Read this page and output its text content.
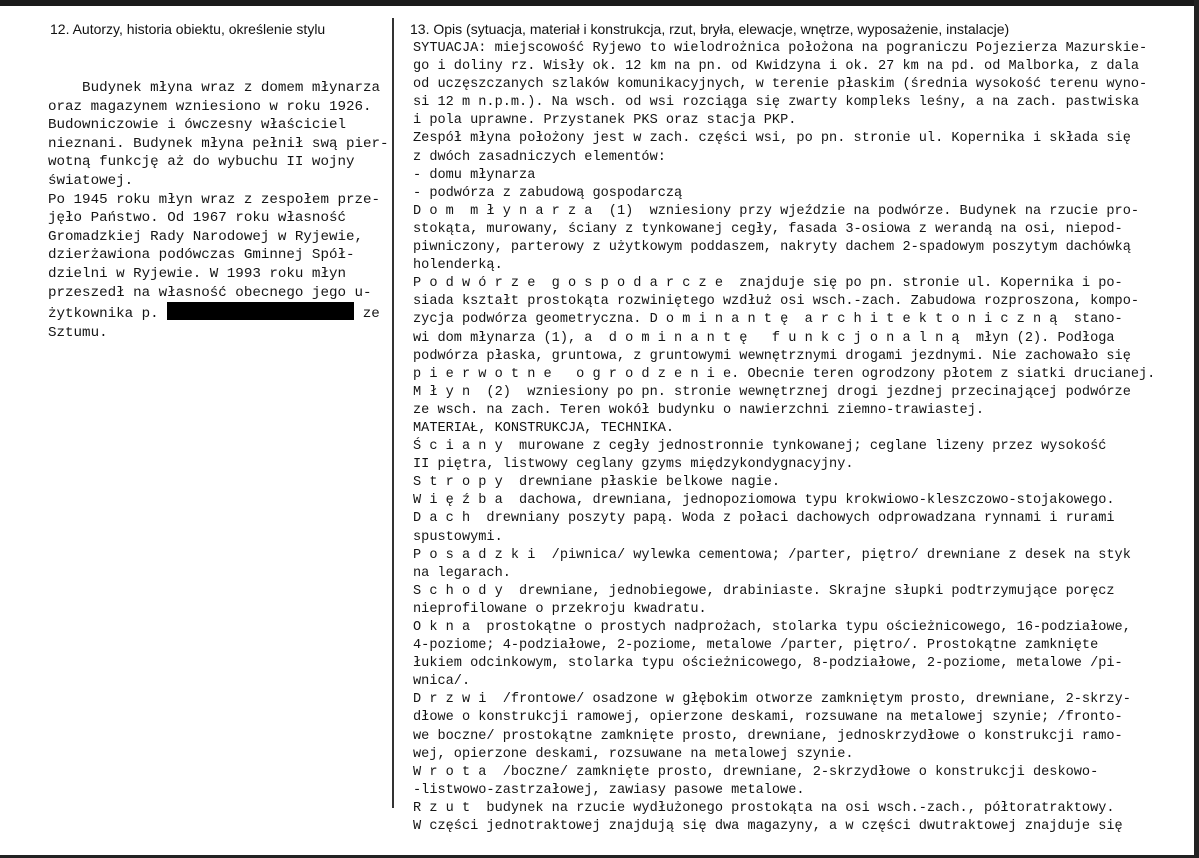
12. Autorzy, historia obiektu, określenie stylu	13. Opis (sytuacja, materiał i konstrukcja, rzut, bryła, elewacje, wnętrze, wyposażenie, instalacje)
Budynek młyna wraz z domem młynarza
oraz magazynem wzniesiono w roku 1926.
Budowniczowie i ówczesny właściciel
nieznani. Budynek młyna pełnił swą pier-
wotną funkcję aż do wybuchu II wojny
światowej.
Po 1945 roku młyn wraz z zespołem prze-
jęło Państwo. Od 1967 roku własność
Gromadzkiej Rady Narodowej w Ryjewie,
dzierżawiona podówczas Gminnej Spół-
dzielni w Ryjewie. W 1993 roku młyn
przeszedł na własność obecnego jego u-
żytkownika p.	ze
Sztumu.
SYTUACJA: miejscowość Ryjewo to wielodrożnica położona na pograniczu Pojezierza Mazurskie-
go i doliny rz. Wisły ok. 12 km na pn. od Kwidzyna i ok. 27 km na pd. od Malborka, z dala
od uczęszczanych szlaków komunikacyjnych, w terenie płaskim (średnia wysokość terenu wyno-
si 12 m n.p.m.). Na wsch. od wsi rozciąga się zwarty kompleks leśny, a na zach. pastwiska
i pola uprawne. Przystanek PKS oraz stacja PKP.
Zespół młyna położony jest w zach. części wsi, po pn. stronie ul. Kopernika i składa się
z dwóch zasadniczych elementów:
- domu młynarza
- podwórza z zabudową gospodarczą
D o m  m ł y n a r z a  (1)  wzniesiony przy wjeździe na podwórze. Budynek na rzucie pro-
stokąta, murowany, ściany z tynkowanej cegły, fasada 3-osiowa z werandą na osi, niepod-
piwniczony, parterowy z użytkowym poddaszem, nakryty dachem 2-spadowym poszytym dachówką
holenderką.
P o d w ó r z e  g o s p o d a r c z e  znajduje się po pn. stronie ul. Kopernika i po-
siada kształt prostokąta rozwiniętego wzdłuż osi wsch.-zach. Zabudowa rozproszona, kompo-
zycja podwórza geometryczna. D o m i n a n t ę  a r c h i t e k t o n i c z n ą  stano-
wi dom młynarza (1), a  d o m i n a n t ę   f u n k c j o n a l n ą  młyn (2). Podłoga
podwórza płaska, gruntowa, z gruntowymi wewnętrznymi drogami jezdnymi. Nie zachowało się
p i e r w o t n e   o g r o d z e n i e. Obecnie teren ogrodzony płotem z siatki drucianej.
M ł y n  (2)  wzniesiony po pn. stronie wewnętrznej drogi jezdnej przecinającej podwórze
ze wsch. na zach. Teren wokół budynku o nawierzchni ziemno-trawiastej.
MATERIAŁ, KONSTRUKCJA, TECHNIKA.
Ś c i a n y  murowane z cegły jednostronnie tynkowanej; ceglane lizeny przez wysokość
II piętra, listwowy ceglany gzyms międzykondygnacyjny.
S t r o p y  drewniane płaskie belkowe nagie.
W i ę ź b a  dachowa, drewniana, jednopoziomowa typu krokwiowo-kleszczowo-stojakowego.
D a c h  drewniany poszyty papą. Woda z połaci dachowych odprowadzana rynnami i rurami
spustowymi.
P o s a d z k i  /piwnica/ wylewka cementowa; /parter, piętro/ drewniane z desek na styk
na legarach.
S c h o d y  drewniane, jednobiegowe, drabiniaste. Skrajne słupki podtrzymujące poręcz
nieprofilowane o przekroju kwadratu.
O k n a  prostokątne o prostych nadprożach, stolarka typu ościeżnicowego, 16-podziałowe,
4-poziome; 4-podziałowe, 2-poziome, metalowe /parter, piętro/. Prostokątne zamknięte
łukiem odcinkowym, stolarka typu ościeżnicowego, 8-podziałowe, 2-poziome, metalowe /pi-
wnica/.
D r z w i  /frontowe/ osadzone w głębokim otworze zamkniętym prosto, drewniane, 2-skrzy-
dłowe o konstrukcji ramowej, opierzone deskami, rozsuwane na metalowej szynie; /fronto-
we boczne/ prostokątne zamknięte prosto, drewniane, jednoskrzydłowe o konstrukcji ramo-
wej, opierzone deskami, rozsuwane na metalowej szynie.
W r o t a  /boczne/ zamknięte prosto, drewniane, 2-skrzydłowe o konstrukcji deskowo-
-listwowo-zastrzałowej, zawiasy pasowe metalowe.
R z u t  budynek na rzucie wydłużonego prostokąta na osi wsch.-zach., półtoratraktowy.
W części jednotraktowej znajdują się dwa magazyny, a w części dwutraktowej znajduje się
